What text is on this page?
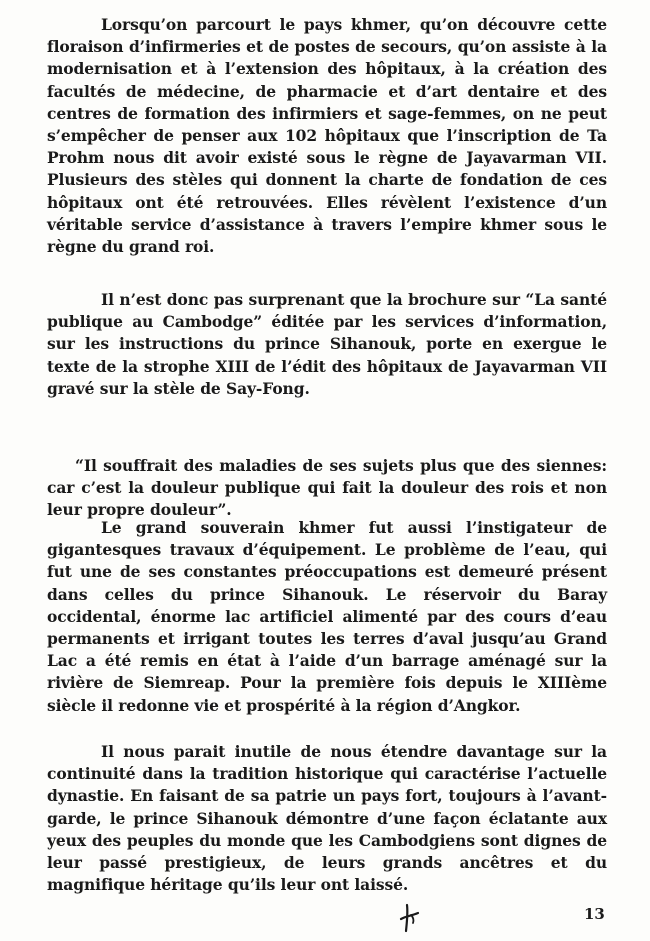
Lorsqu’on parcourt le pays khmer, qu’on découvre cette floraison d’infirmeries et de postes de secours, qu’on assiste à la modernisation et à l’extension des hôpitaux, à la création des facultés de médecine, de pharmacie et d’art dentaire et des centres de formation des infirmiers et sage-femmes, on ne peut s’empêcher de penser aux 102 hôpitaux que l’inscription de Ta Prohm nous dit avoir existé sous le règne de Jayavarman VII. Plusieurs des stèles qui donnent la charte de fondation de ces hôpitaux ont été retrouvées. Elles révèlent l’existence d’un véritable service d’assistance à travers l’empire khmer sous le règne du grand roi.
Il n’est donc pas surprenant que la brochure sur “La santé publique au Cambodge” éditée par les services d’information, sur les instructions du prince Sihanouk, porte en exergue le texte de la strophe XIII de l’édit des hôpitaux de Jayavarman VII gravé sur la stèle de Say-Fong.
“Il souffrait des maladies de ses sujets plus que des siennes: car c’est la douleur publique qui fait la douleur des rois et non leur propre douleur”.
Le grand souverain khmer fut aussi l’instigateur de gigantesques travaux d’équipement. Le problème de l’eau, qui fut une de ses constantes préoccupations est demeuré présent dans celles du prince Sihanouk. Le réservoir du Baray occidental, énorme lac artificiel alimenté par des cours d’eau permanents et irrigant toutes les terres d’aval jusqu’au Grand Lac a été remis en état à l’aide d’un barrage aménagé sur la rivière de Siemreap. Pour la première fois depuis le XIIIème siècle il redonne vie et prospérité à la région d’Angkor.
Il nous parait inutile de nous étendre davantage sur la continuité dans la tradition historique qui caractérise l’actuelle dynastie. En faisant de sa patrie un pays fort, toujours à l’avant-garde, le prince Sihanouk démontre d’une façon éclatante aux yeux des peuples du monde que les Cambodgiens sont dignes de leur passé prestigieux, de leurs grands ancêtres et du magnifique héritage qu’ils leur ont laissé.
13
